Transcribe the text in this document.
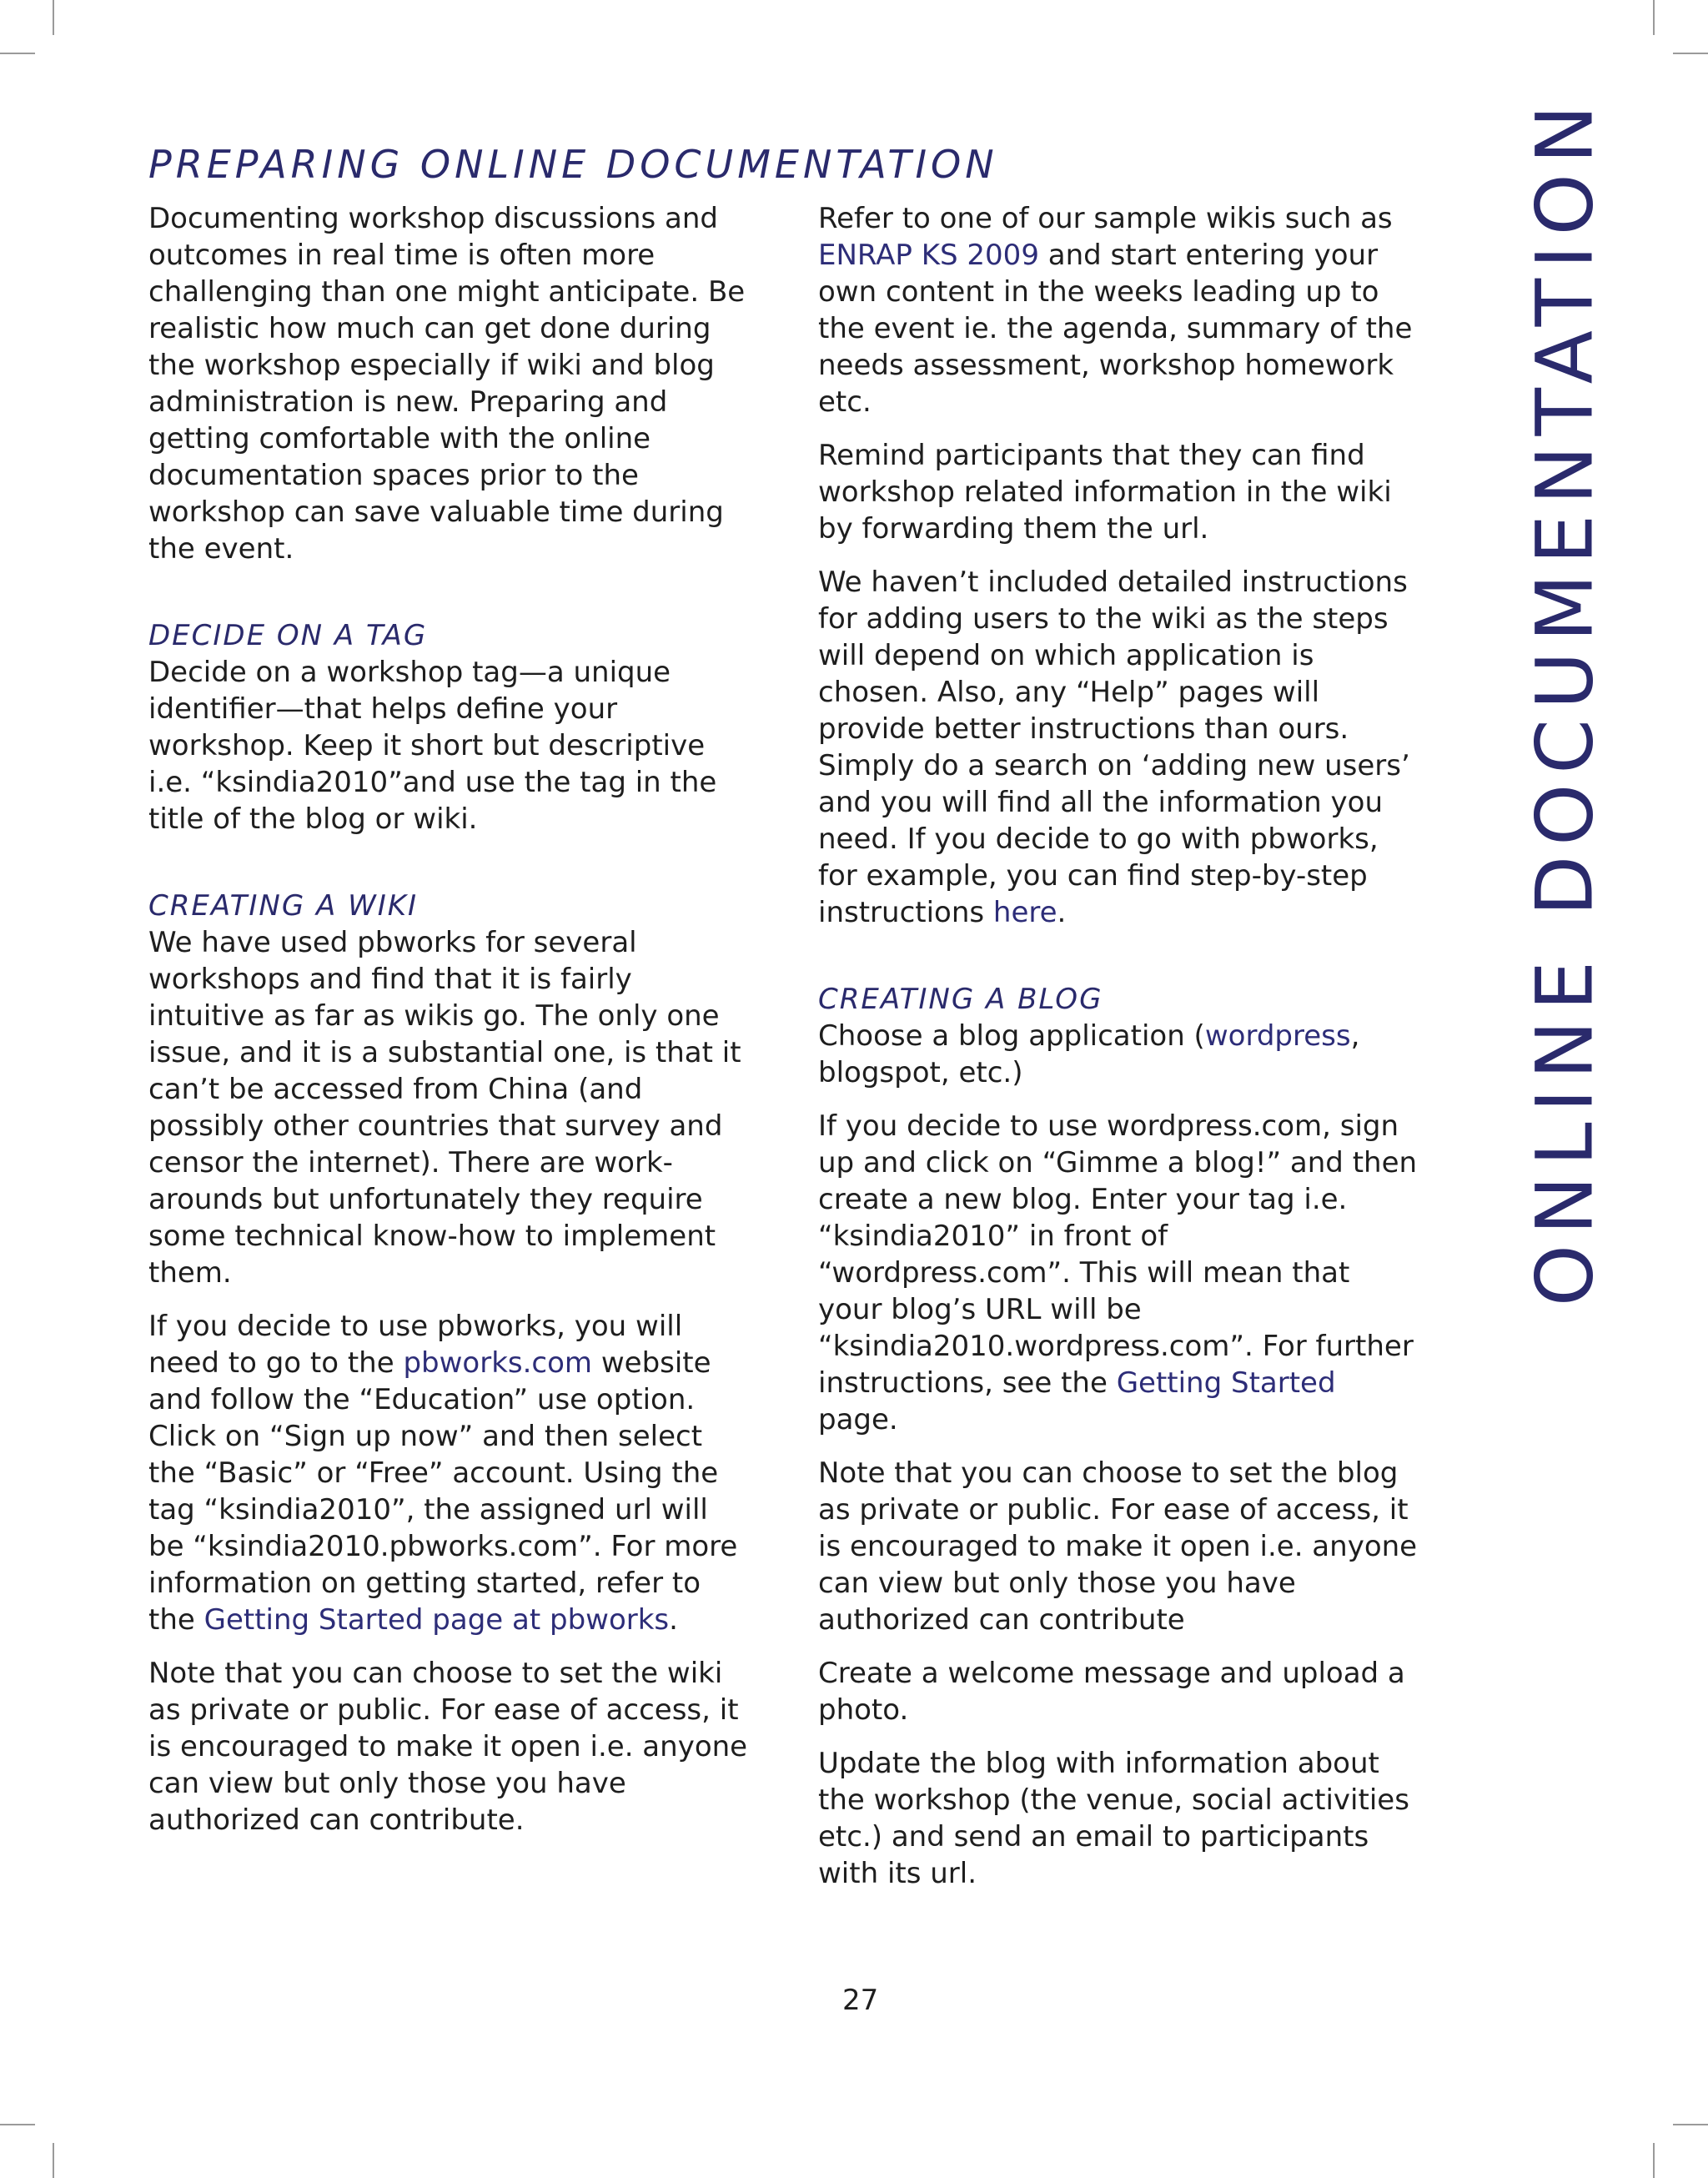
PREPARING ONLINE DOCUMENTATION

Documenting workshop discussions and outcomes in real time is often more challenging than one might anticipate. Be realistic how much can get done during the workshop especially if wiki and blog administration is new. Preparing and getting comfortable with the online documentation spaces prior to the workshop can save valuable time during the event.

DECIDE ON A TAG

Decide on a workshop tag—a unique identifier—that helps define your workshop. Keep it short but descriptive i.e. “ksindia2010”and use the tag in the title of the blog or wiki.

CREATING A WIKI

We have used pbworks for several workshops and find that it is fairly intuitive as far as wikis go. The only one issue, and it is a substantial one, is that it can’t be accessed from China (and possibly other countries that survey and censor the internet). There are work-arounds but unfortunately they require some technical know-how to implement them.

If you decide to use pbworks, you will need to go to the pbworks.com website and follow the “Education” use option. Click on “Sign up now” and then select the “Basic” or “Free” account. Using the tag “ksindia2010”, the assigned url will be “ksindia2010.pbworks.com”. For more information on getting started, refer to the Getting Started page at pbworks.

Note that you can choose to set the wiki as private or public. For ease of access, it is encouraged to make it open i.e. anyone can view but only those you have authorized can contribute.

Refer to one of our sample wikis such as ENRAP KS 2009 and start entering your own content in the weeks leading up to the event ie. the agenda, summary of the needs assessment, workshop homework etc.

Remind participants that they can find workshop related information in the wiki by forwarding them the url.

We haven’t included detailed instructions for adding users to the wiki as the steps will depend on which application is chosen. Also, any “Help” pages will provide better instructions than ours. Simply do a search on ‘adding new users’ and you will find all the information you need. If you decide to go with pbworks, for example, you can find step-by-step instructions here.

CREATING A BLOG

Choose a blog application (wordpress, blogspot, etc.)

If you decide to use wordpress.com, sign up and click on “Gimme a blog!” and then create a new blog. Enter your tag i.e. “ksindia2010” in front of “wordpress.com”. This will mean that your blog’s URL will be “ksindia2010.wordpress.com”. For further instructions, see the Getting Started page.

Note that you can choose to set the blog as private or public. For ease of access, it is encouraged to make it open i.e. anyone can view but only those you have authorized can contribute

Create a welcome message and upload a photo.

Update the blog with information about the workshop (the venue, social activities etc.) and send an email to participants with its url.

ONLINE DOCUMENTATION
27
